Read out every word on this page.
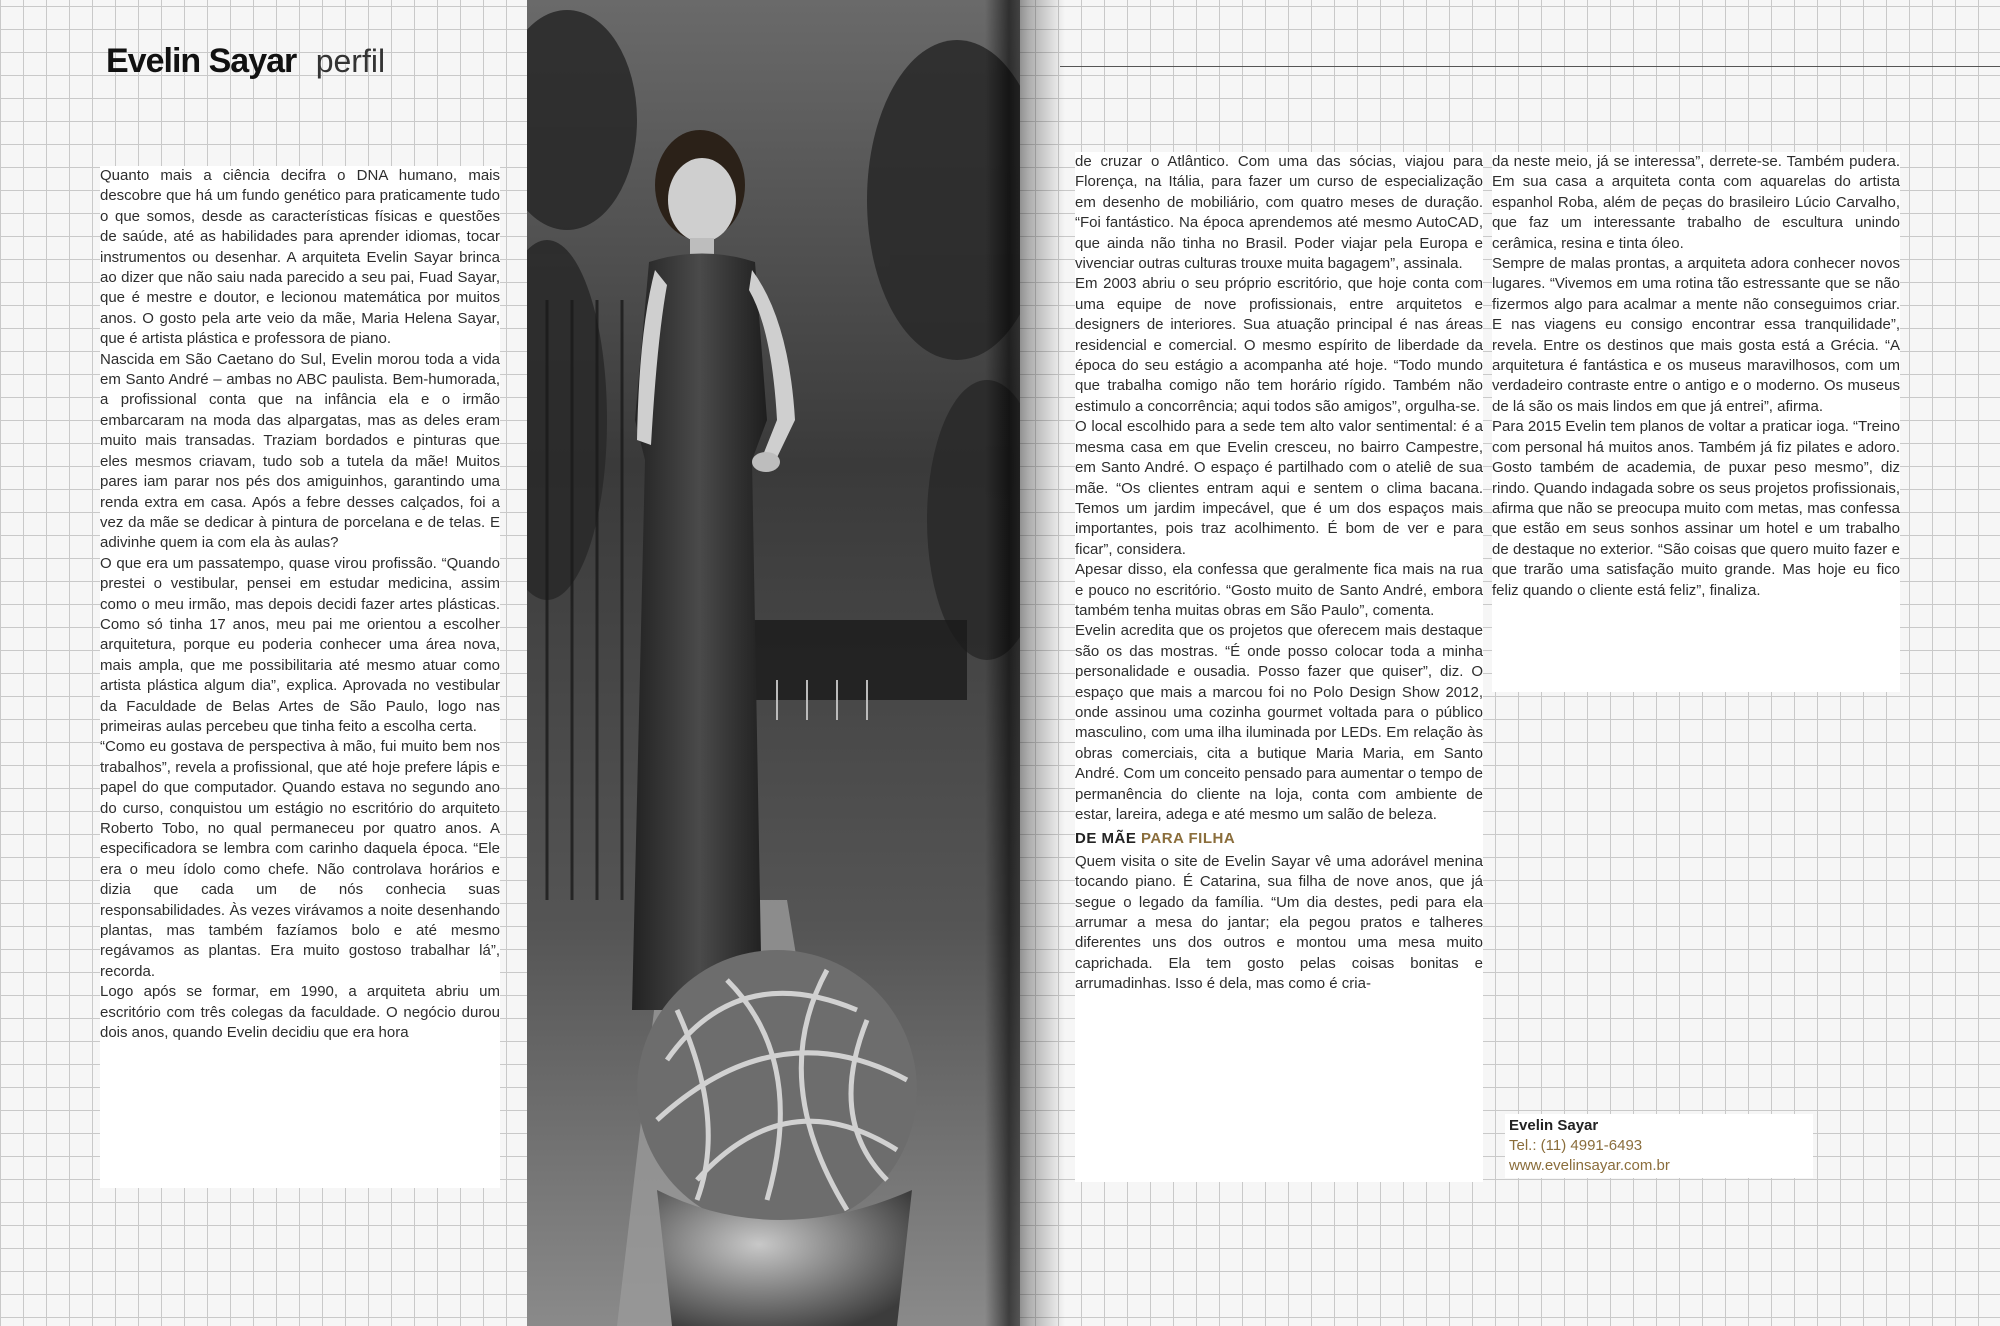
Evelin Sayar perfil

Quanto mais a ciência decifra o DNA humano, mais descobre que há um fundo genético para praticamente tudo o que somos, desde as características físicas e questões de saúde, até as habilidades para aprender idiomas, tocar instrumentos ou desenhar. A arquiteta Evelin Sayar brinca ao dizer que não saiu nada parecido a seu pai, Fuad Sayar, que é mestre e doutor, e lecionou matemática por muitos anos. O gosto pela arte veio da mãe, Maria Helena Sayar, que é artista plástica e professora de piano.

Nascida em São Caetano do Sul, Evelin morou toda a vida em Santo André – ambas no ABC paulista. Bem-humorada, a profissional conta que na infância ela e o irmão embarcaram na moda das alpargatas, mas as deles eram muito mais transadas. Traziam bordados e pinturas que eles mesmos criavam, tudo sob a tutela da mãe! Muitos pares iam parar nos pés dos amiguinhos, garantindo uma renda extra em casa. Após a febre desses calçados, foi a vez da mãe se dedicar à pintura de porcelana e de telas. E adivinhe quem ia com ela às aulas?

O que era um passatempo, quase virou profissão. “Quando prestei o vestibular, pensei em estudar medicina, assim como o meu irmão, mas depois decidi fazer artes plásticas. Como só tinha 17 anos, meu pai me orientou a escolher arquitetura, porque eu poderia conhecer uma área nova, mais ampla, que me possibilitaria até mesmo atuar como artista plástica algum dia”, explica. Aprovada no vestibular da Faculdade de Belas Artes de São Paulo, logo nas primeiras aulas percebeu que tinha feito a escolha certa.

“Como eu gostava de perspectiva à mão, fui muito bem nos trabalhos”, revela a profissional, que até hoje prefere lápis e papel do que computador. Quando estava no segundo ano do curso, conquistou um estágio no escritório do arquiteto Roberto Tobo, no qual permaneceu por quatro anos. A especificadora se lembra com carinho daquela época. “Ele era o meu ídolo como chefe. Não controlava horários e dizia que cada um de nós conhecia suas responsabilidades. Às vezes virávamos a noite desenhando plantas, mas também fazíamos bolo e até mesmo regávamos as plantas. Era muito gostoso trabalhar lá”, recorda.

Logo após se formar, em 1990, a arquiteta abriu um escritório com três colegas da faculdade. O negócio durou dois anos, quando Evelin decidiu que era hora

de cruzar o Atlântico. Com uma das sócias, viajou para Florença, na Itália, para fazer um curso de especialização em desenho de mobiliário, com quatro meses de duração. “Foi fantástico. Na época aprendemos até mesmo AutoCAD, que ainda não tinha no Brasil. Poder viajar pela Europa e vivenciar outras culturas trouxe muita bagagem”, assinala.

Em 2003 abriu o seu próprio escritório, que hoje conta com uma equipe de nove profissionais, entre arquitetos e designers de interiores. Sua atuação principal é nas áreas residencial e comercial. O mesmo espírito de liberdade da época do seu estágio a acompanha até hoje. “Todo mundo que trabalha comigo não tem horário rígido. Também não estimulo a concorrência; aqui todos são amigos”, orgulha-se.

O local escolhido para a sede tem alto valor sentimental: é a mesma casa em que Evelin cresceu, no bairro Campestre, em Santo André. O espaço é partilhado com o ateliê de sua mãe. “Os clientes entram aqui e sentem o clima bacana. Temos um jardim impecável, que é um dos espaços mais importantes, pois traz acolhimento. É bom de ver e para ficar”, considera.

Apesar disso, ela confessa que geralmente fica mais na rua e pouco no escritório. “Gosto muito de Santo André, embora também tenha muitas obras em São Paulo”, comenta.

Evelin acredita que os projetos que oferecem mais destaque são os das mostras. “É onde posso colocar toda a minha personalidade e ousadia. Posso fazer que quiser”, diz. O espaço que mais a marcou foi no Polo Design Show 2012, onde assinou uma cozinha gourmet voltada para o público masculino, com uma ilha iluminada por LEDs. Em relação às obras comerciais, cita a butique Maria Maria, em Santo André. Com um conceito pensado para aumentar o tempo de permanência do cliente na loja, conta com ambiente de estar, lareira, adega e até mesmo um salão de beleza.

DE MÃE PARA FILHA

Quem visita o site de Evelin Sayar vê uma adorável menina tocando piano. É Catarina, sua filha de nove anos, que já segue o legado da família. “Um dia destes, pedi para ela arrumar a mesa do jantar; ela pegou pratos e talheres diferentes uns dos outros e montou uma mesa muito caprichada. Ela tem gosto pelas coisas bonitas e arrumadinhas. Isso é dela, mas como é cria-

da neste meio, já se interessa”, derrete-se. Também pudera. Em sua casa a arquiteta conta com aquarelas do artista espanhol Roba, além de peças do brasileiro Lúcio Carvalho, que faz um interessante trabalho de escultura unindo cerâmica, resina e tinta óleo.

Sempre de malas prontas, a arquiteta adora conhecer novos lugares. “Vivemos em uma rotina tão estressante que se não fizermos algo para acalmar a mente não conseguimos criar. E nas viagens eu consigo encontrar essa tranquilidade”, revela. Entre os destinos que mais gosta está a Grécia. “A arquitetura é fantástica e os museus maravilhosos, com um verdadeiro contraste entre o antigo e o moderno. Os museus de lá são os mais lindos em que já entrei”, afirma.

Para 2015 Evelin tem planos de voltar a praticar ioga. “Treino com personal há muitos anos. Também já fiz pilates e adoro. Gosto também de academia, de puxar peso mesmo”, diz rindo. Quando indagada sobre os seus projetos profissionais, afirma que não se preocupa muito com metas, mas confessa que estão em seus sonhos assinar um hotel e um trabalho de destaque no exterior. “São coisas que quero muito fazer e que trarão uma satisfação muito grande. Mas hoje eu fico feliz quando o cliente está feliz”, finaliza.

Evelin Sayar
Tel.: (11) 4991-6493
www.evelinsayar.com.br
